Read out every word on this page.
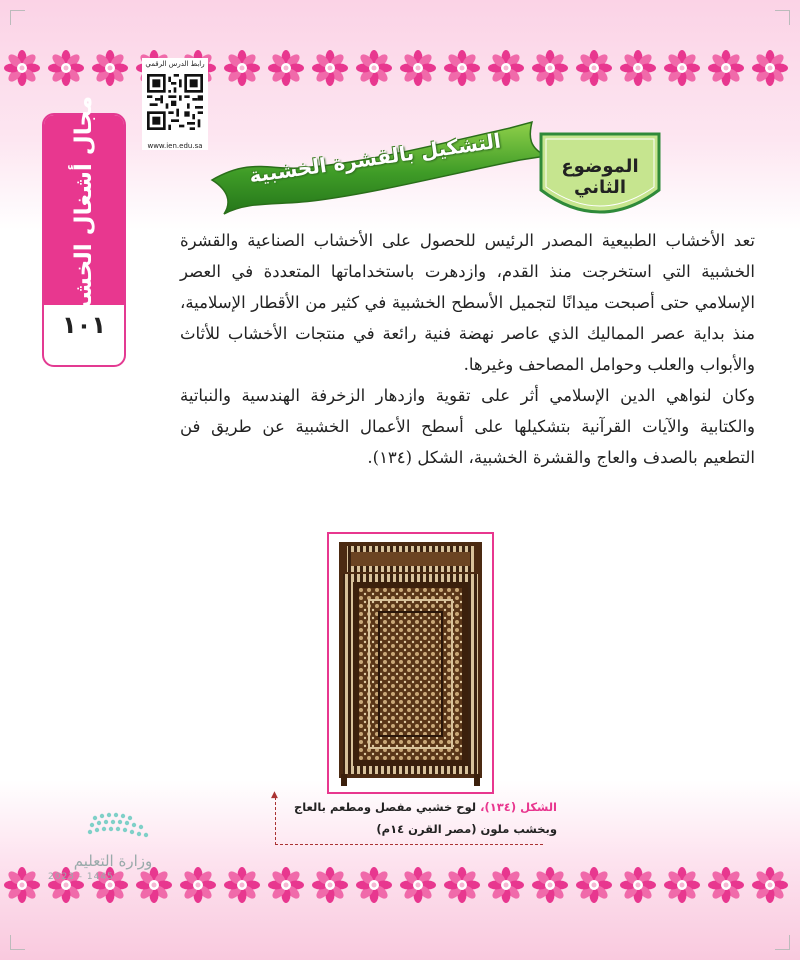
رابط الدرس الرقمي
www.ien.edu.sa
مجال أشغال الخشب
١٠١
التشكيل بالقشرة الخشبية	الموضوع الثاني

تعد الأخشاب الطبيعية المصدر الرئيس للحصول على الأخشاب الصناعية والقشرة الخشبية التي استخرجت منذ القدم، وازدهرت باستخداماتها المتعددة في العصر الإسلامي حتى أصبحت ميدانًا لتجميل الأسطح الخشبية في كثير من الأقطار الإسلامية، منذ بداية عصر المماليك الذي عاصر نهضة فنية رائعة في منتجات الأخشاب للأثاث والأبواب والعلب وحوامل المصاحف وغيرها.

وكان لنواهي الدين الإسلامي أثر على تقوية وازدهار الزخرفة الهندسية والنباتية والكتابية والآيات القرآنية بتشكيلها على أسطح الأعمال الخشبية عن طريق فن التطعيم بالصدف والعاج والقشرة الخشبية، الشكل (١٣٤).

▲
الشكل (١٣٤)، لوح خشبي مفصل ومطعم بالعاج
وبخشب ملون (مصر القرن ١٤م)
وزارة التعليم
2023 - 1445
